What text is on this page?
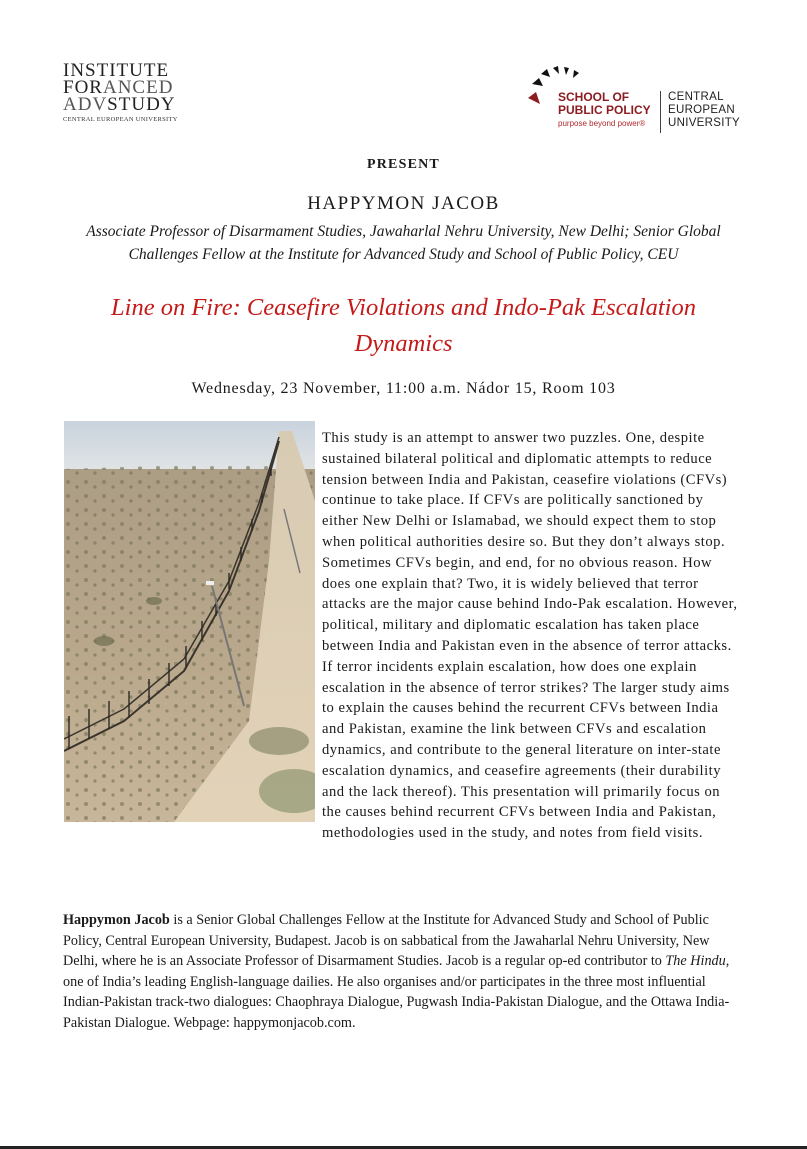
INSTITUTE
FORANCED
ADVSTUDY
CENTRAL EUROPEAN UNIVERSITY
SCHOOL OF
PUBLIC POLICY
purpose beyond power®
CENTRAL
EUROPEAN
UNIVERSITY
PRESENT
HAPPYMON JACOB
Associate Professor of Disarmament Studies, Jawaharlal Nehru University, New Delhi; Senior Global Challenges Fellow at the Institute for Advanced Study and School of Public Policy, CEU
Line on Fire: Ceasefire Violations and Indo-Pak Escalation Dynamics
Wednesday, 23 November, 11:00 a.m. Nádor 15, Room 103

This study is an attempt to answer two puzzles. One, despite sustained bilateral political and diplomatic attempts to reduce tension between India and Pakistan, ceasefire violations (CFVs) continue to take place. If CFVs are politically sanctioned by either New Delhi or Islamabad, we should expect them to stop when political authorities desire so. But they don’t always stop. Sometimes CFVs begin, and end, for no obvious reason. How does one explain that? Two, it is widely believed that terror attacks are the major cause behind Indo-Pak escalation. However, political, military and diplomatic escalation has taken place between India and Pakistan even in the absence of terror attacks. If terror incidents explain escalation, how does one explain escalation in the absence of terror strikes? The larger study aims to explain the causes behind the recurrent CFVs between India and Pakistan, examine the link between CFVs and escalation dynamics, and contribute to the general literature on inter-state escalation dynamics, and ceasefire agreements (their durability and the lack thereof). This presentation will primarily focus on the causes behind recurrent CFVs between India and Pakistan, methodologies used in the study, and notes from field visits.

Happymon Jacob is a Senior Global Challenges Fellow at the Institute for Advanced Study and School of Public Policy, Central European University, Budapest. Jacob is on sabbatical from the Jawaharlal Nehru University, New Delhi, where he is an Associate Professor of Disarmament Studies. Jacob is a regular op-ed contributor to The Hindu, one of India’s leading English-language dailies. He also organises and/or participates in the three most influential Indian-Pakistan track-two dialogues: Chaophraya Dialogue, Pugwash India-Pakistan Dialogue, and the Ottawa India-Pakistan Dialogue. Webpage: happymonjacob.com.
